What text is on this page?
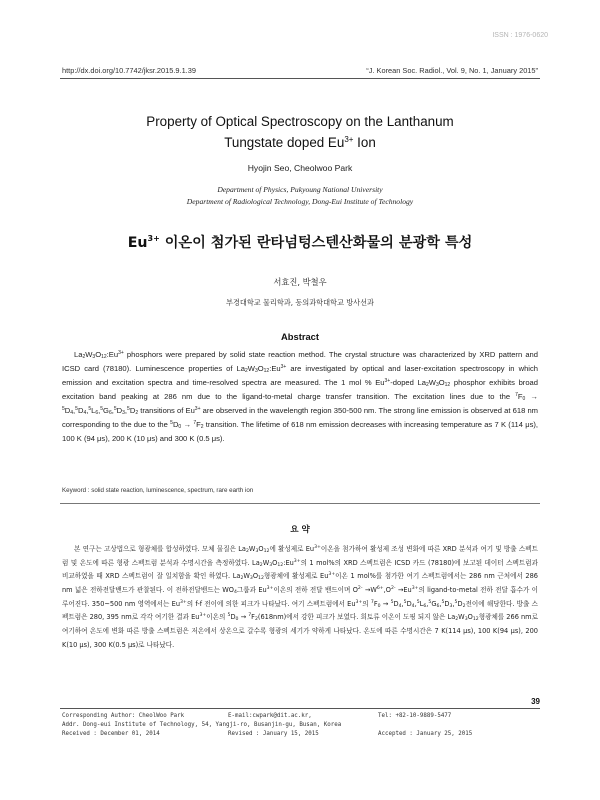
ISSN : 1976-0620
http://dx.doi.org/10.7742/jksr.2015.9.1.39	“J. Korean Soc. Radiol., Vol. 9, No. 1, January 2015”
Property of Optical Spectroscopy on the Lanthanum
Tungstate doped $Eu^{3+}$ Ion
Hyojin Seo, Cheolwoo Park
Department of Physics, Pukyoung National University
Department of Radiological Technology, Dong-Eui Institute of Technology
$Eu^{3+}$ 이온이 첨가된 란타넘텅스텐산화물의 분광학 특성
서효진, 박철우
부경대학교 물리학과, 동의과학대학교 방사선과
Abstract
$La_2W_3O_{12}:Eu^{3+}$ phosphors were prepared by solid state reaction method. The crystal structure was characterized by XRD pattern and ICSD card (78180). Luminescence properties of $La_2W_3O_{12}:Eu^{3+}$ are investigated by optical and laser-excitation spectroscopy in which emission and excitation spectra and time-resolved spectra are measured. The 1 mol % $Eu^{3+}$-doped $La_2W_3O_{12}$ phosphor exhibits broad excitation band peaking at 286 nm due to the ligand-to-metal charge transfer transition. The excitation lines due to the $^7F_0 \to ^5D_4,^5D_4,^5L_6,^5G_6,^5D_3,^5D_2$ transitions of $Eu^{3+}$ are observed in the wavelength region 350-500 nm. The strong line emission is observed at 618 nm corresponding to the due to the $^5D_0 \to ^7F_2$ transition. The lifetime of 618 nm emission decreases with increasing temperature as 7 K (114 μs), 100 K (94 μs), 200 K (10 μs) and 300 K (0.5 μs).
Keyword : solid state reaction, luminescence, spectrum, rare earth ion
요 약
본 연구는 고상법으로 형광체를 합성하였다. 모체 물질은 $La_2W_3O_{12}$에 활성제로 $Eu^{3+}$이온을 첨가하여 활성제 조성 변화에 따른 XRD 분석과 여기 및 방출 스펙트럼 및 온도에 따른 형광 스펙트럼 분석과 수명시간을 측정하였다. $La_2W_3O_{12}:Eu^{3+}$의 1 mol%의 XRD 스펙트럼은 ICSD 카드 (78180)에 보고된 데이터 스펙트럼과 비교하였을 때 XRD 스펙트럼이 잘 일치함을 확인 하였다. $La_2W_3O_{12}$형광체에 활성제로 $Eu^{3+}$이온 1 mol%를 첨가한 여기 스펙트럼에서는 286 nm 근처에서 286 nm 넓은 전하전달밴드가 관찰된다. 이 전하전달밴드는 $WO_4$그룹과 $Eu^{3+}$이온의 전하 전달 밴드이며 $O^{2-} \to W^{6+},O^{2-} \to Eu^{3+}$의 ligand-to-metal 전하 전달 흡수가 이루어진다. 350~500 nm 영역에서는 $Eu^{3+}$의 f-f 전이에 의한 피크가 나타났다. 여기 스펙트럼에서 $Eu^{3+}$의 $^7F_0 \to ^5D_4,^5D_4,^5L_6,^5G_6,^5D_3,^5D_2$전이에 해당한다. 방출 스펙트럼은 280, 395 nm로 각각 여기한 결과 $Eu^{3+}$이온의 $^5D_0 \to ^7F_2(618nm)$에서 강한 피크가 보였다. 희토류 이온이 도핑 되지 않은 $La_2W_3O_{12}$형광체를 266 nm로 여기하여 온도에 변화 따른 방출 스펙트럼은 저온에서 상온으로 갈수록 형광의 세기가 약하게 나타났다. 온도에 따른 수명시간은 7 K(114 μs), 100 K(94 μs), 200 K(10 μs), 300 K(0.5 μs)로 나타났다.
39
Corresponding Author: CheolWoo Park	E-mail:cwpark@dit.ac.kr,	Tel: +82-10-9889-5477
Addr. Dong-eui Institute of Technology, 54, Yangji-ro, Busanjin-gu, Busan, Korea
Received : December 01, 2014	Revised : January 15, 2015	Accepted : January 25, 2015
